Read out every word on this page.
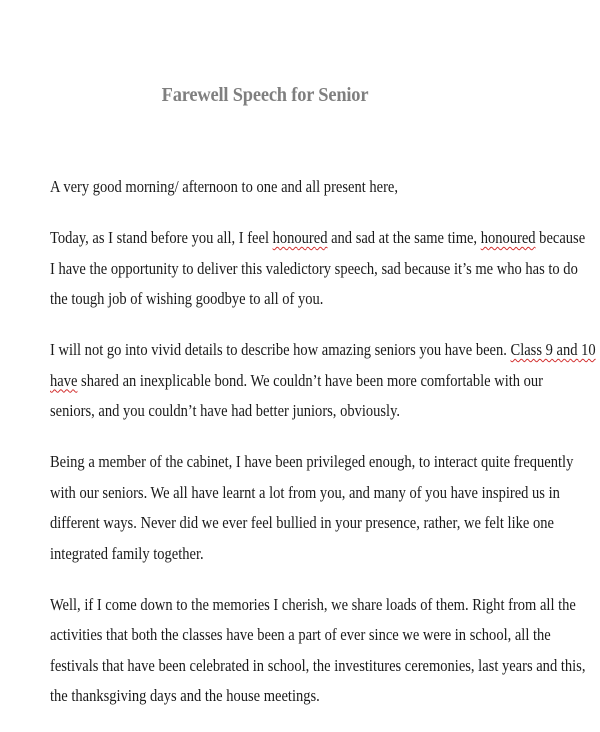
Farewell Speech for Senior

A very good morning/ afternoon to one and all present here,

Today, as I stand before you all, I feel honoured and sad at the same time, honoured because
I have the opportunity to deliver this valedictory speech, sad because it’s me who has to do
the tough job of wishing goodbye to all of you.

I will not go into vivid details to describe how amazing seniors you have been. Class 9 and 10
have shared an inexplicable bond. We couldn’t have been more comfortable with our
seniors, and you couldn’t have had better juniors, obviously.

Being a member of the cabinet, I have been privileged enough, to interact quite frequently
with our seniors. We all have learnt a lot from you, and many of you have inspired us in
different ways. Never did we ever feel bullied in your presence, rather, we felt like one
integrated family together.

Well, if I come down to the memories I cherish, we share loads of them. Right from all the
activities that both the classes have been a part of ever since we were in school, all the
festivals that have been celebrated in school, the investitures ceremonies, last years and this,
the thanksgiving days and the house meetings.
